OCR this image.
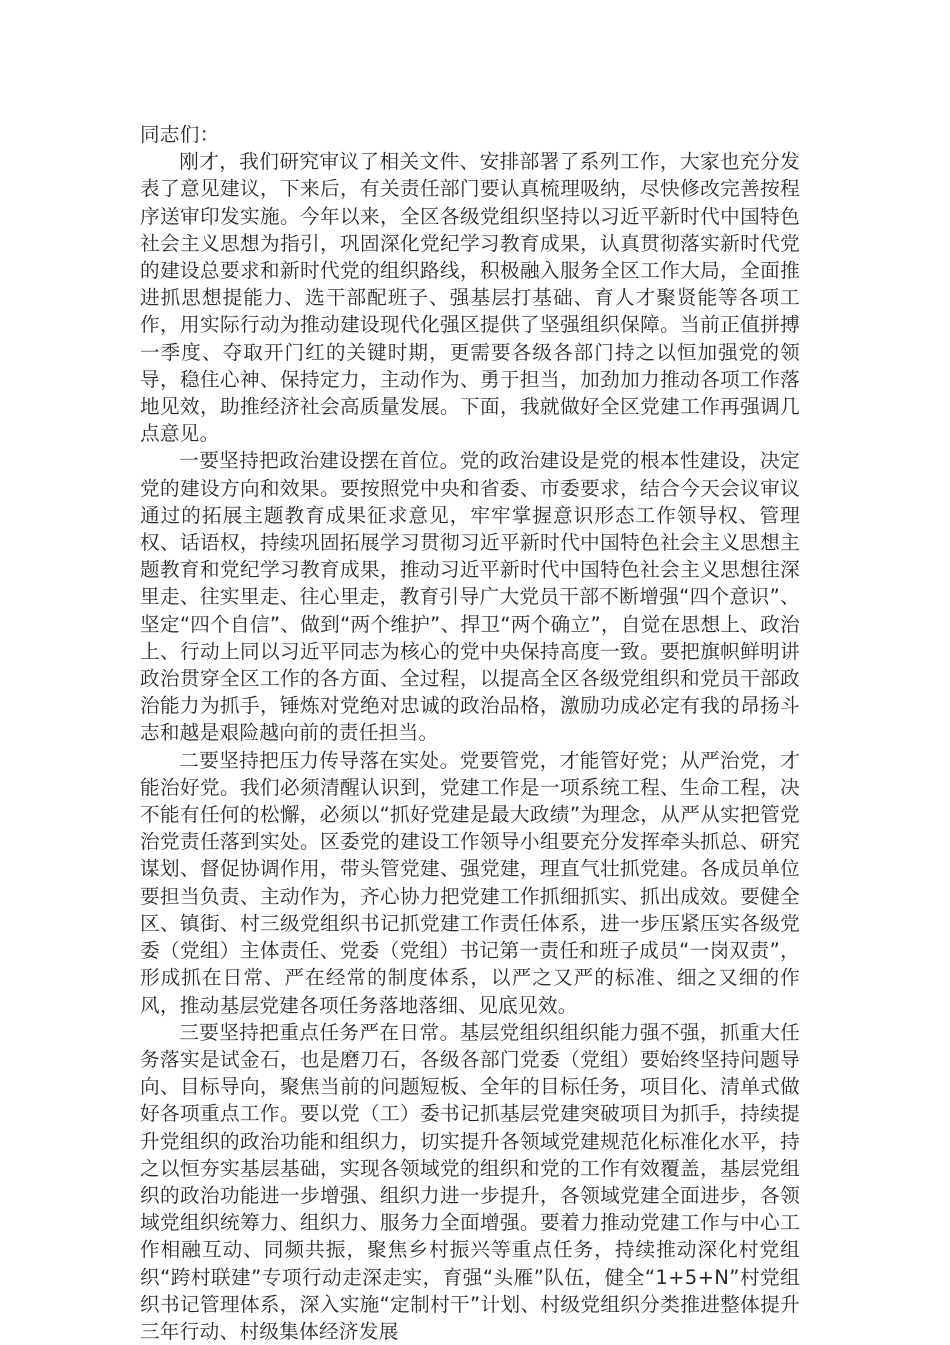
同志们：

刚才，我们研究审议了相关文件、安排部署了系列工作，大家也充分发表了意见建议，下来后，有关责任部门要认真梳理吸纳，尽快修改完善按程序送审印发实施。今年以来，全区各级党组织坚持以习近平新时代中国特色社会主义思想为指引，巩固深化党纪学习教育成果，认真贯彻落实新时代党的建设总要求和新时代党的组织路线，积极融入服务全区工作大局，全面推进抓思想提能力、选干部配班子、强基层打基础、育人才聚贤能等各项工作，用实际行动为推动建设现代化强区提供了坚强组织保障。当前正值拼搏一季度、夺取开门红的关键时期，更需要各级各部门持之以恒加强党的领导，稳住心神、保持定力，主动作为、勇于担当，加劲加力推动各项工作落地见效，助推经济社会高质量发展。下面，我就做好全区党建工作再强调几点意见。

一要坚持把政治建设摆在首位。党的政治建设是党的根本性建设，决定党的建设方向和效果。要按照党中央和省委、市委要求，结合今天会议审议通过的拓展主题教育成果征求意见，牢牢掌握意识形态工作领导权、管理权、话语权，持续巩固拓展学习贯彻习近平新时代中国特色社会主义思想主题教育和党纪学习教育成果，推动习近平新时代中国特色社会主义思想往深里走、往实里走、往心里走，教育引导广大党员干部不断增强“四个意识”、坚定“四个自信”、做到“两个维护”、捍卫“两个确立”，自觉在思想上、政治上、行动上同以习近平同志为核心的党中央保持高度一致。要把旗帜鲜明讲政治贯穿全区工作的各方面、全过程，以提高全区各级党组织和党员干部政治能力为抓手，锤炼对党绝对忠诚的政治品格，激励功成必定有我的昂扬斗志和越是艰险越向前的责任担当。

二要坚持把压力传导落在实处。党要管党，才能管好党；从严治党，才能治好党。我们必须清醒认识到，党建工作是一项系统工程、生命工程，决不能有任何的松懈，必须以“抓好党建是最大政绩”为理念，从严从实把管党治党责任落到实处。区委党的建设工作领导小组要充分发挥牵头抓总、研究谋划、督促协调作用，带头管党建、强党建，理直气壮抓党建。各成员单位要担当负责、主动作为，齐心协力把党建工作抓细抓实、抓出成效。要健全区、镇街、村三级党组织书记抓党建工作责任体系，进一步压紧压实各级党委（党组）主体责任、党委（党组）书记第一责任和班子成员“一岗双责”，形成抓在日常、严在经常的制度体系，以严之又严的标准、细之又细的作风，推动基层党建各项任务落地落细、见底见效。

三要坚持把重点任务严在日常。基层党组织组织能力强不强，抓重大任务落实是试金石，也是磨刀石，各级各部门党委（党组）要始终坚持问题导向、目标导向，聚焦当前的问题短板、全年的目标任务，项目化、清单式做好各项重点工作。要以党（工）委书记抓基层党建突破项目为抓手，持续提升党组织的政治功能和组织力，切实提升各领域党建规范化标准化水平，持之以恒夯实基层基础，实现各领域党的组织和党的工作有效覆盖，基层党组织的政治功能进一步增强、组织力进一步提升，各领域党建全面进步，各领域党组织统筹力、组织力、服务力全面增强。要着力推动党建工作与中心工作相融互动、同频共振，聚焦乡村振兴等重点任务，持续推动深化村党组织“跨村联建”专项行动走深走实，育强“头雁”队伍，健全“1+5+N”村党组织书记管理体系，深入实施“定制村干”计划、村级党组织分类推进整体提升三年行动、村级集体经济发展
